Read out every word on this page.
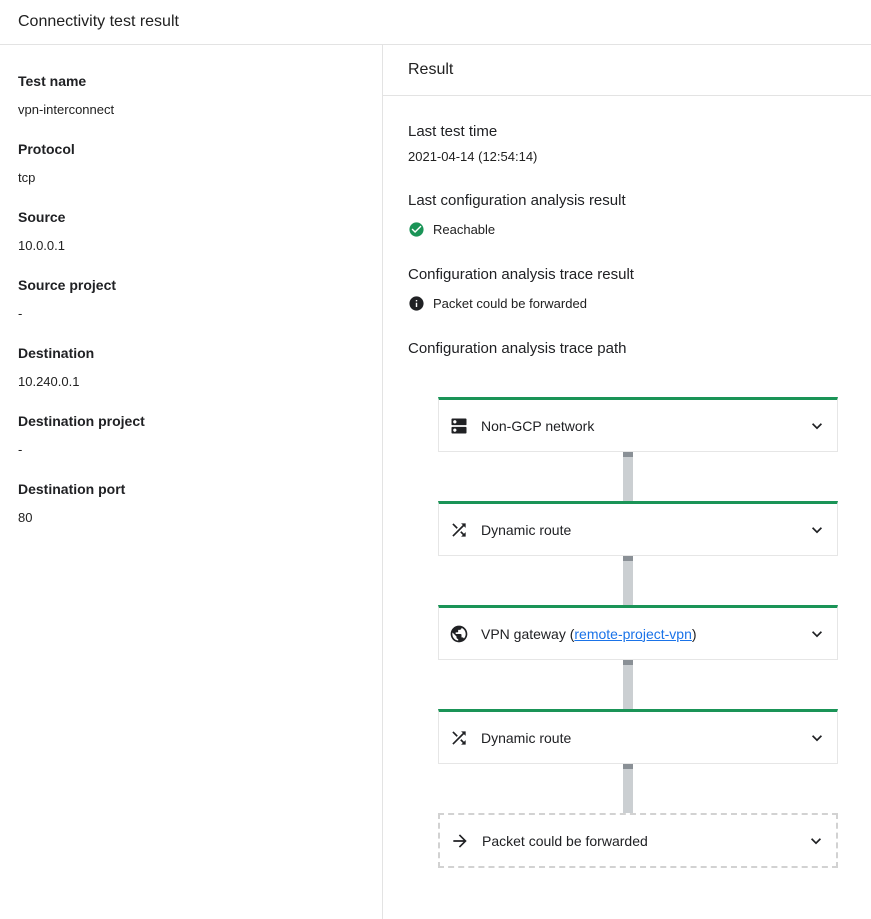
Connectivity test result
Test name
vpn-interconnect
Protocol
tcp
Source
10.0.0.1
Source project
-
Destination
10.240.0.1
Destination project
-
Destination port
80
Result
Last test time
2021-04-14 (12:54:14)
Last configuration analysis result
Reachable
Configuration analysis trace result
Packet could be forwarded
Configuration analysis trace path
Non-GCP network
Dynamic route
VPN gateway (remote-project-vpn)
Dynamic route
Packet could be forwarded
